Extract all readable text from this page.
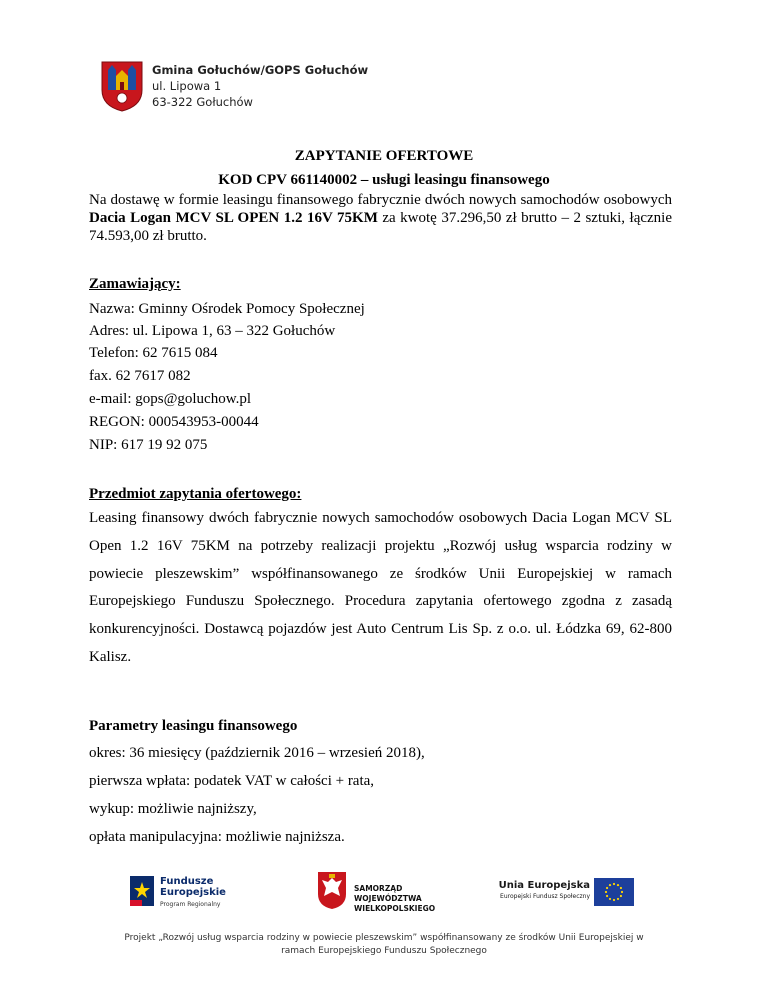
Gmina Gołuchów/GOPS Gołuchów
ul. Lipowa 1
63-322 Gołuchów
ZAPYTANIE OFERTOWE
KOD CPV 661140002 – usługi leasingu finansowego
Na dostawę w formie leasingu finansowego fabrycznie dwóch nowych samochodów osobowych Dacia Logan MCV SL OPEN 1.2 16V 75KM za kwotę 37.296,50 zł brutto – 2 sztuki, łącznie 74.593,00 zł brutto.
Zamawiający:
Nazwa: Gminny Ośrodek Pomocy Społecznej
Adres: ul. Lipowa 1, 63 – 322 Gołuchów
Telefon: 62 7615 084
fax. 62 7617 082
e-mail: gops@goluchow.pl
REGON: 000543953-00044
NIP: 617 19 92 075
Przedmiot zapytania ofertowego:
Leasing finansowy dwóch fabrycznie nowych samochodów osobowych Dacia Logan MCV SL Open 1.2 16V 75KM na potrzeby realizacji projektu „Rozwój usług wsparcia rodziny w powiecie pleszewskim” współfinansowanego ze środków Unii Europejskiej w ramach Europejskiego Funduszu Społecznego. Procedura zapytania ofertowego zgodna z zasadą konkurencyjności. Dostawcą pojazdów jest Auto Centrum Lis Sp. z o.o. ul. Łódzka 69, 62-800 Kalisz.
Parametry leasingu finansowego
okres: 36 miesięcy (październik 2016 – wrzesień 2018),
pierwsza wpłata: podatek VAT w całości + rata,
wykup: możliwie najniższy,
opłata manipulacyjna: możliwie najniższa.
Fundusze
Europejskie
Program Regionalny
SAMORZĄD WOJEWÓDZTWA
WIELKOPOLSKIEGO
Unia Europejska
Europejski Fundusz Społeczny
Projekt „Rozwój usług wsparcia rodziny w powiecie pleszewskim” współfinansowany ze środków Unii Europejskiej w
ramach Europejskiego Funduszu Społecznego
